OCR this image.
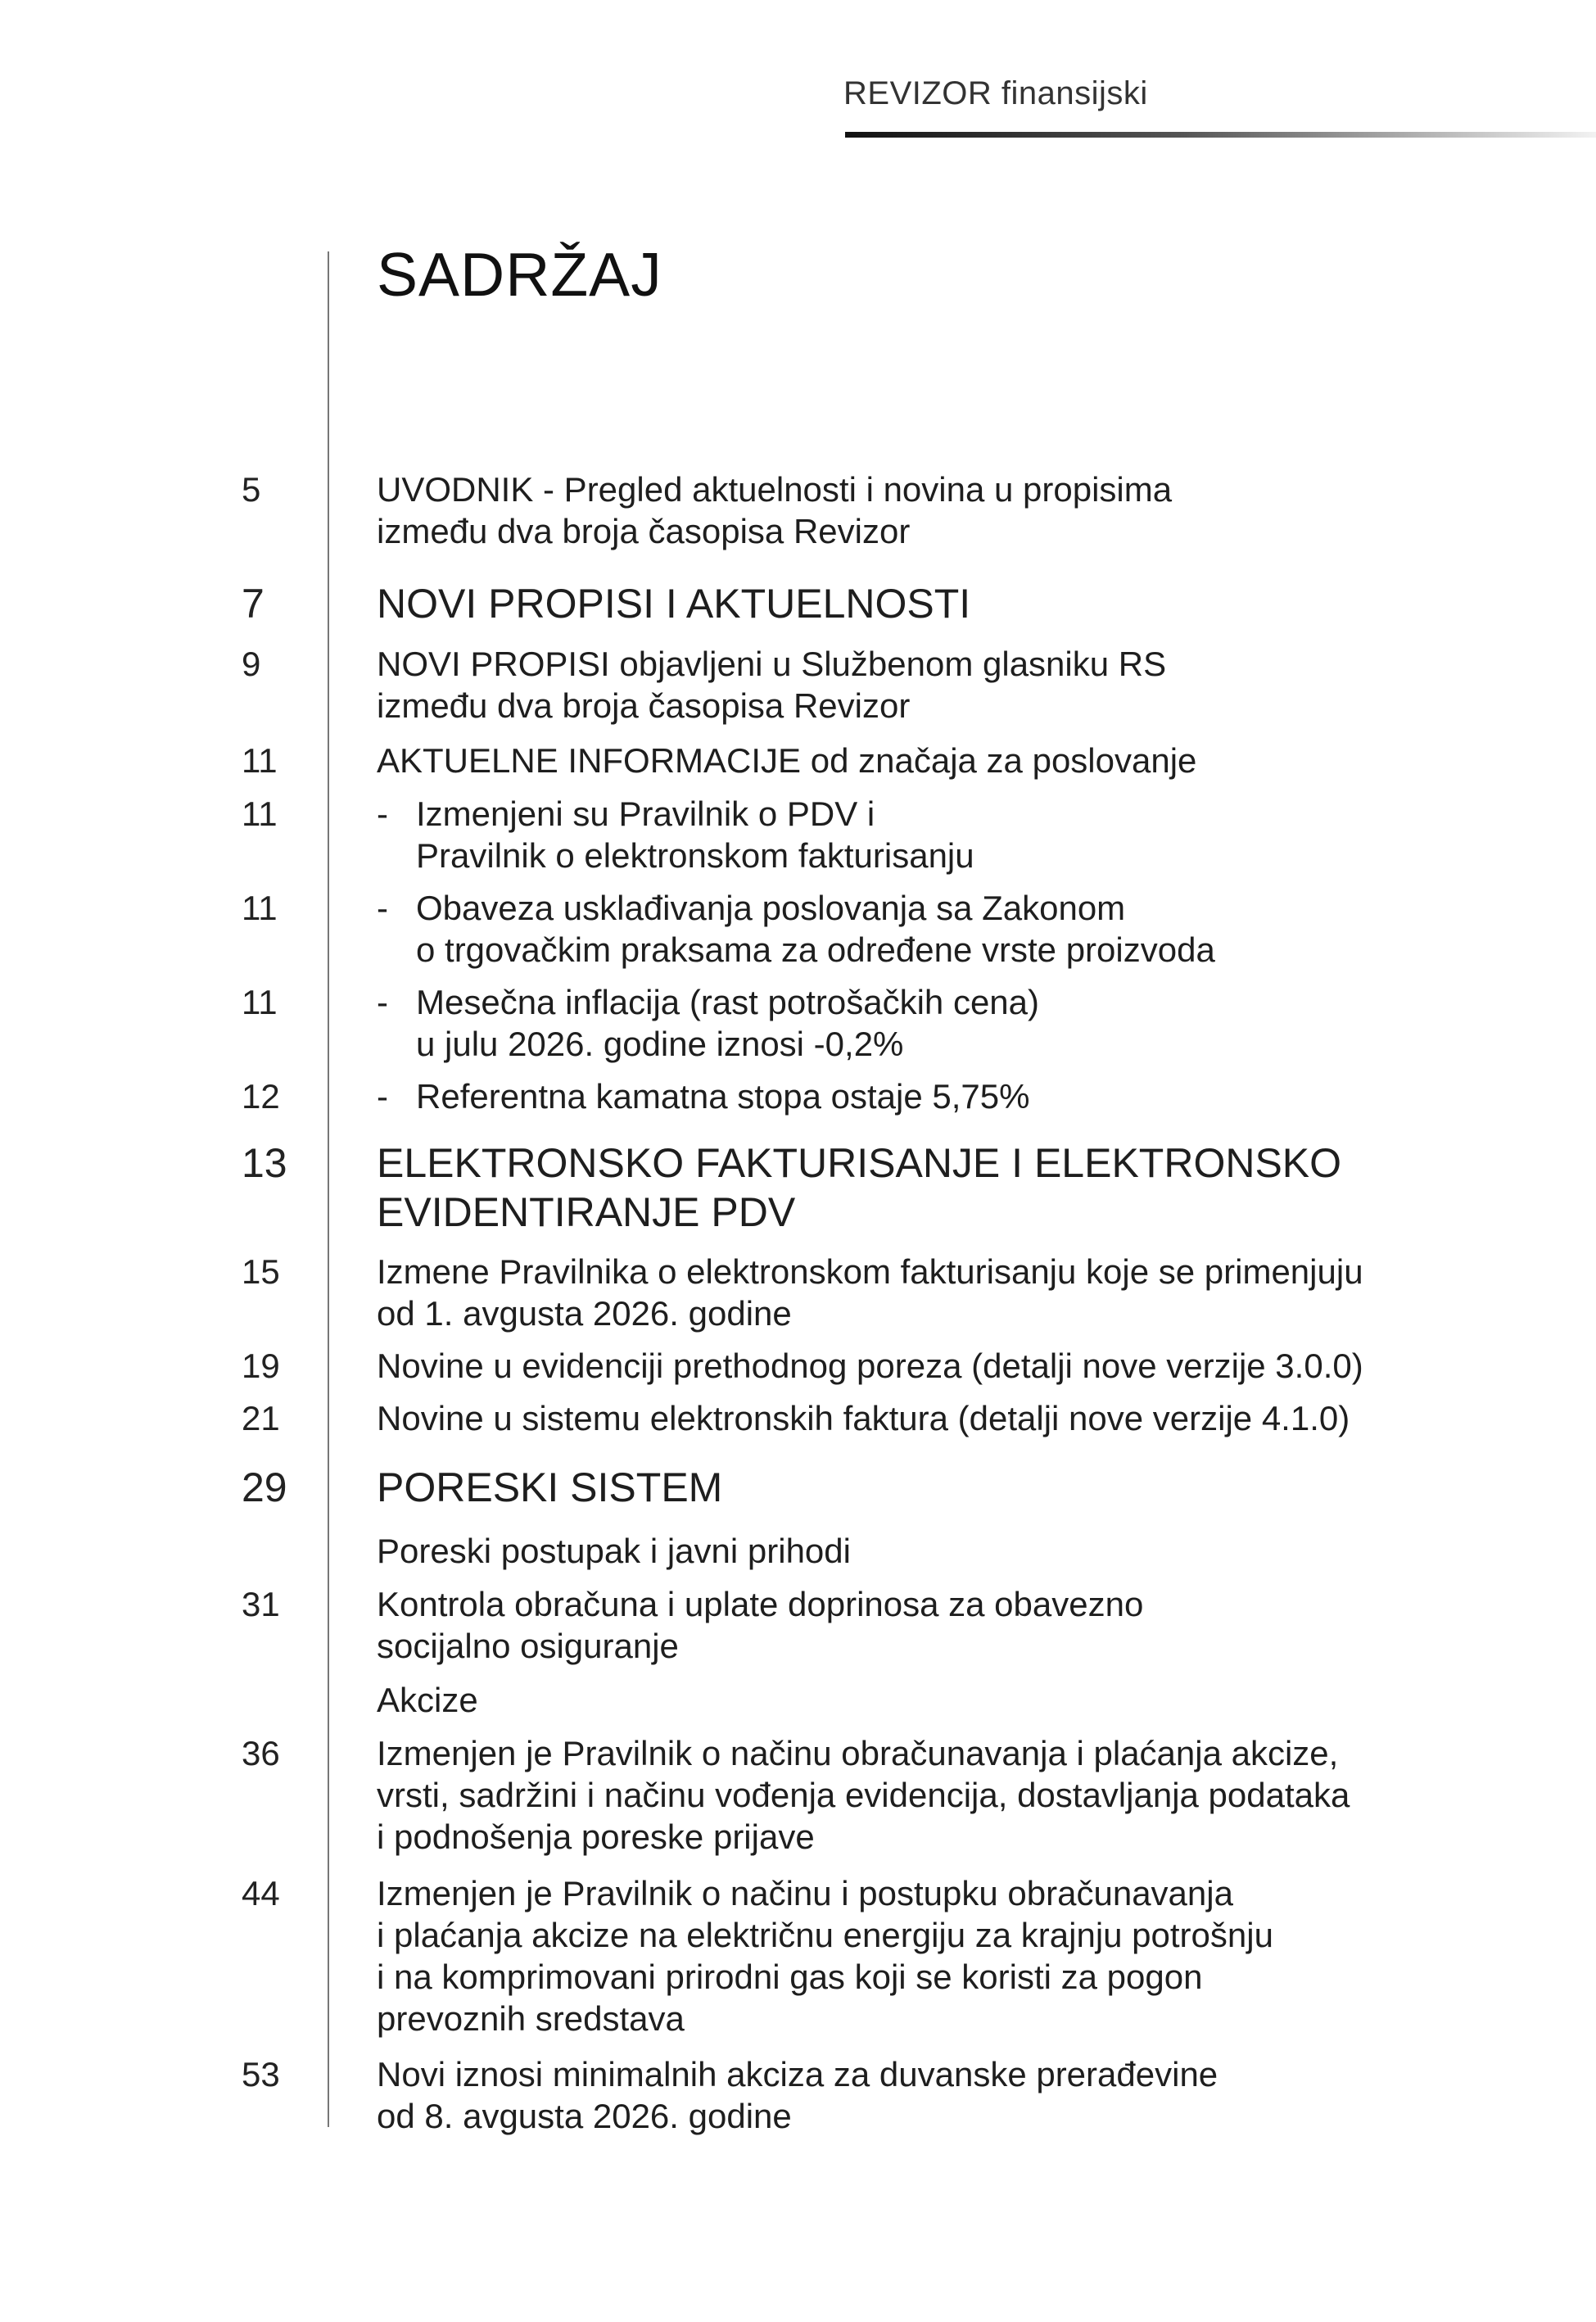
REVIZOR finansijski
SADRŽAJ
5	UVODNIK - Pregled aktuelnosti i novina u propisima
između dva broja časopisa Revizor
7	NOVI PROPISI I AKTUELNOSTI
9	NOVI PROPISI objavljeni u Službenom glasniku RS
između dva broja časopisa Revizor
11	AKTUELNE INFORMACIJE od značaja za poslovanje
11	- Izmenjeni su Pravilnik o PDV i
Pravilnik o elektronskom fakturisanju
11	- Obaveza usklađivanja poslovanja sa Zakonom
o trgovačkim praksama za određene vrste proizvoda
11	- Mesečna inflacija (rast potrošačkih cena)
u julu 2026. godine iznosi -0,2%
12	- Referentna kamatna stopa ostaje 5,75%
13 ELEKTRONSKO FAKTURISANJE I ELEKTRONSKO
EVIDENTIRANJE PDV
15	Izmene Pravilnika o elektronskom fakturisanju koje se primenjuju
od 1. avgusta 2026. godine
19	Novine u evidenciji prethodnog poreza (detalji nove verzije 3.0.0)
21	Novine u sistemu elektronskih faktura (detalji nove verzije 4.1.0)
29 PORESKI SISTEM
Poreski postupak i javni prihodi
31	Kontrola obračuna i uplate doprinosa za obavezno
socijalno osiguranje
Akcize
36	Izmenjen je Pravilnik o načinu obračunavanja i plaćanja akcize,
vrsti, sadržini i načinu vođenja evidencija, dostavljanja podataka
i podnošenja poreske prijave
44	Izmenjen je Pravilnik o načinu i postupku obračunavanja
i plaćanja akcize na električnu energiju za krajnju potrošnju
i na komprimovani prirodni gas koji se koristi za pogon
prevoznih sredstava
53	Novi iznosi minimalnih akciza za duvanske prerađevine
od 8. avgusta 2026. godine
